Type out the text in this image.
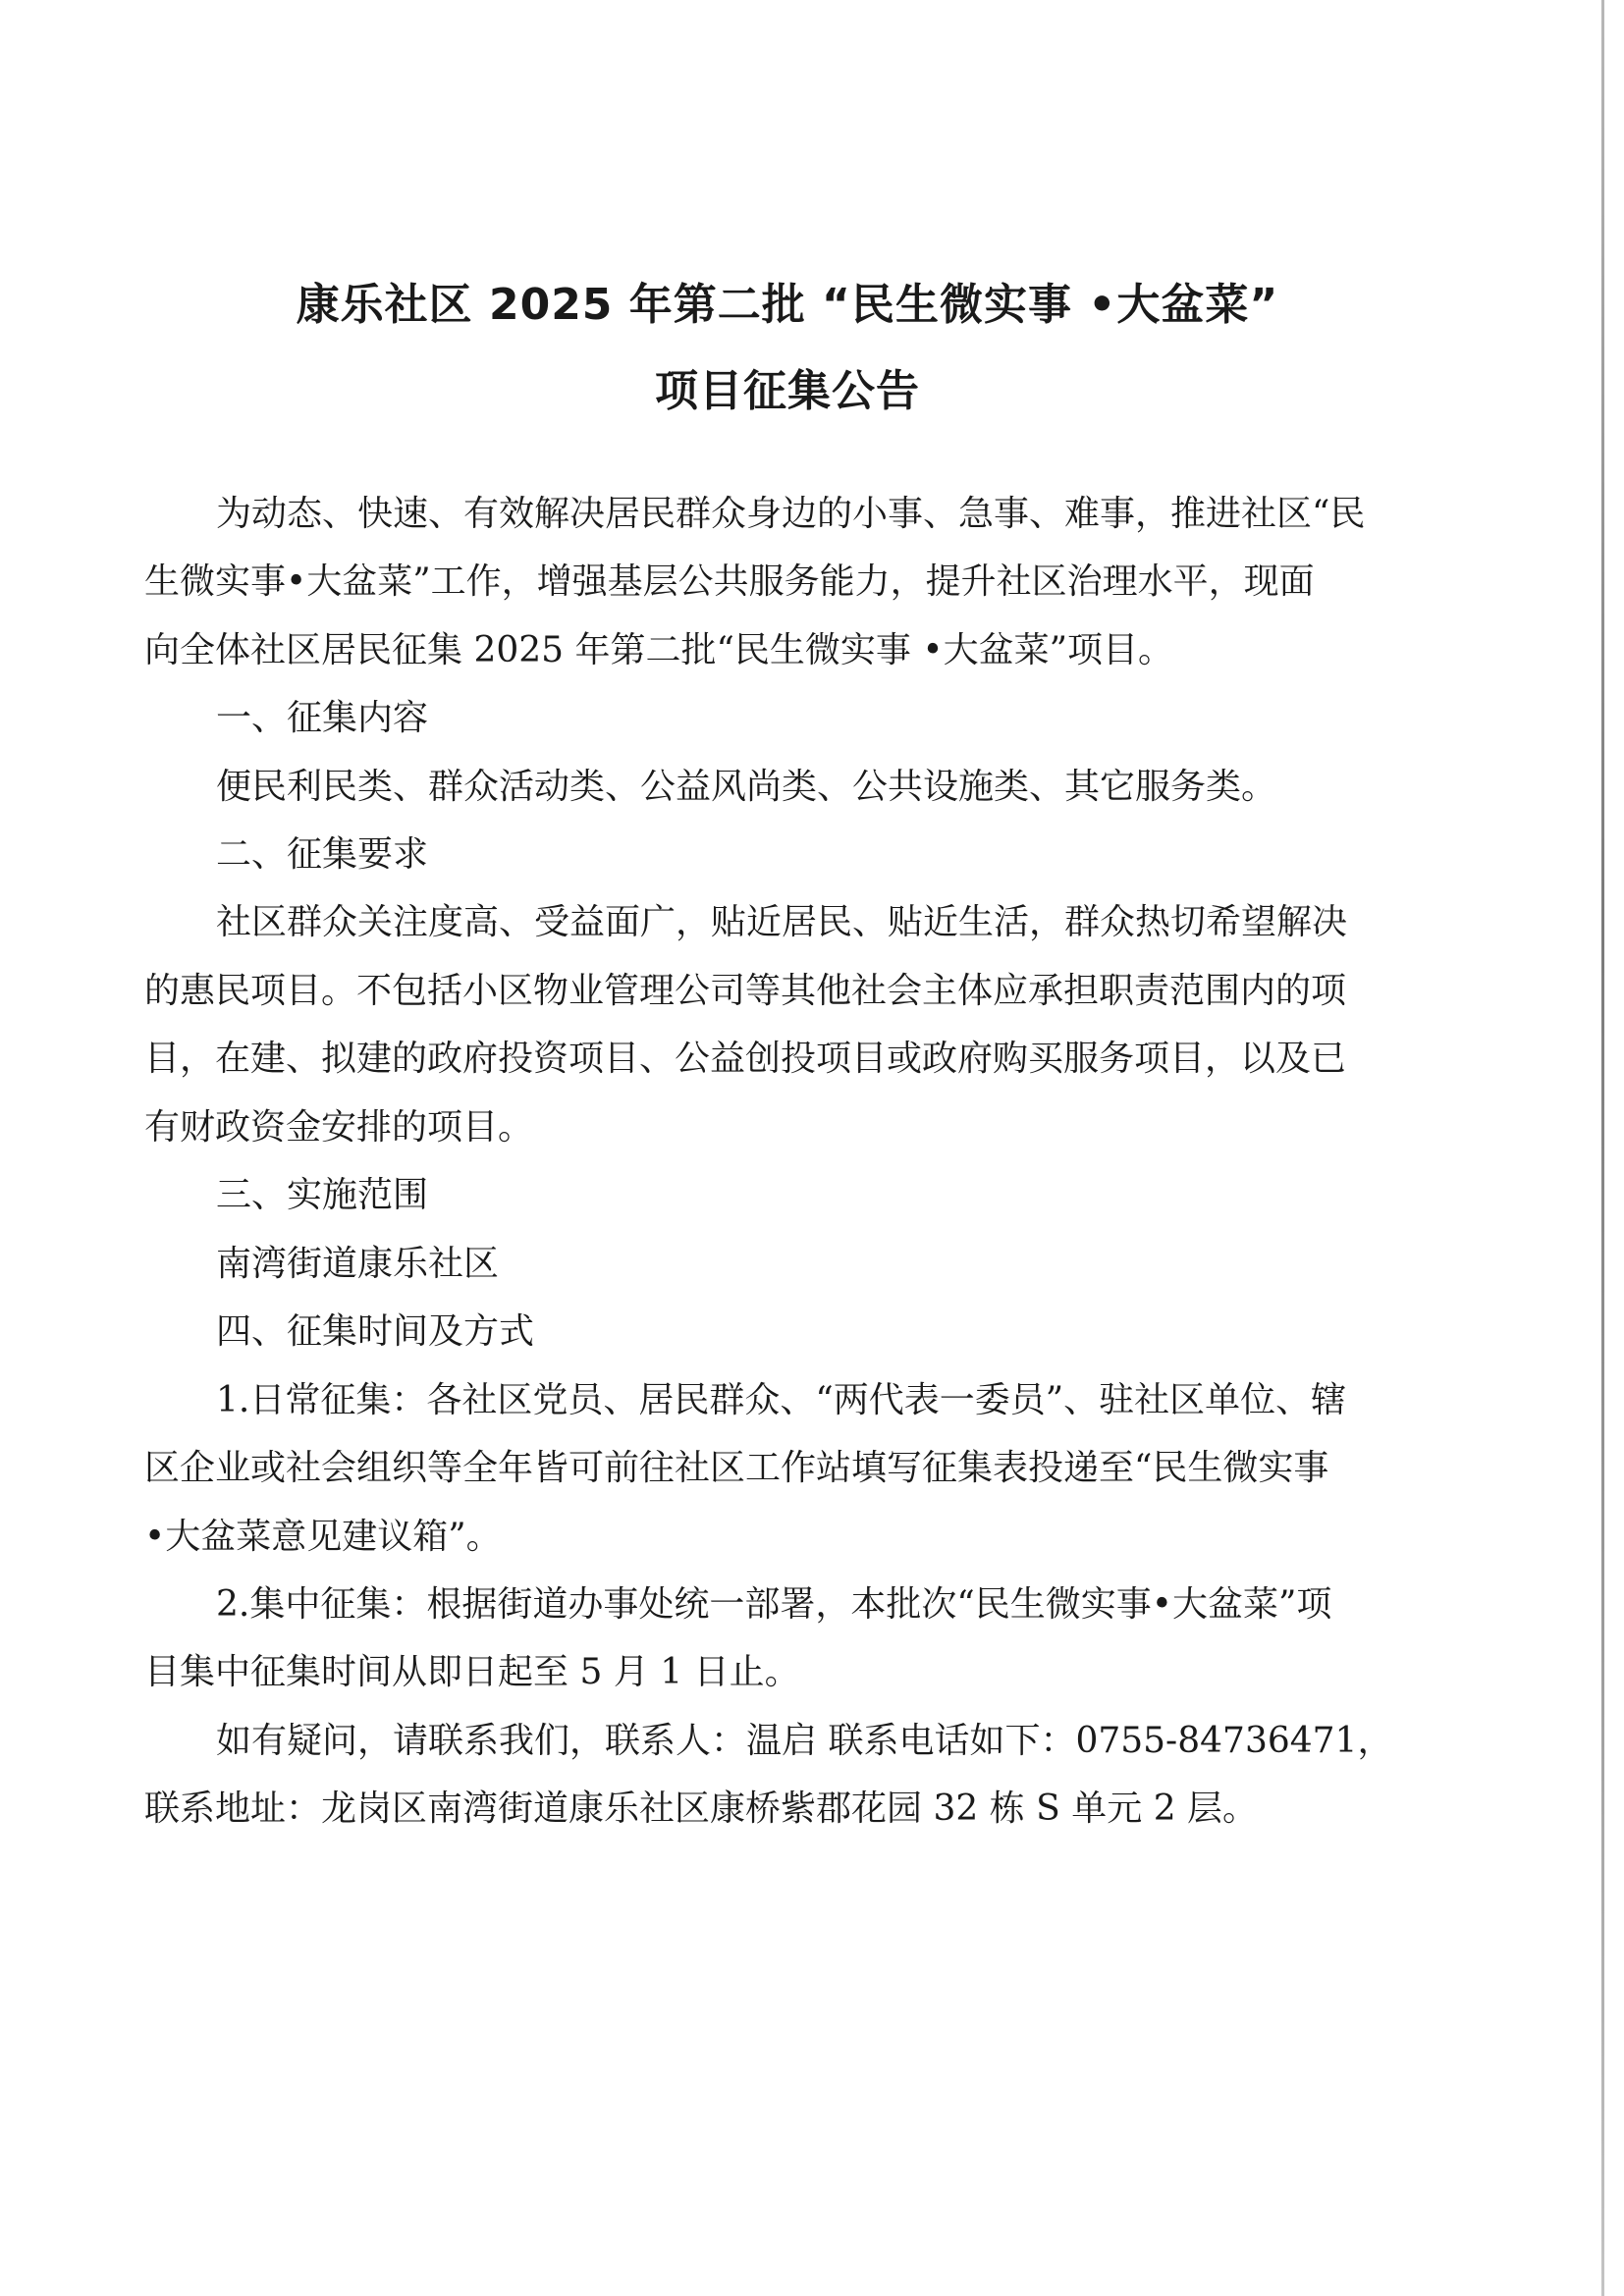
康乐社区 2025 年第二批 “民生微实事 •大盆菜”
项目征集公告

为动态、快速、有效解决居民群众身边的小事、急事、难事，推进社区“民

生微实事•大盆菜”工作，增强基层公共服务能力，提升社区治理水平，现面

向全体社区居民征集 2025 年第二批“民生微实事 •大盆菜”项目。

一、征集内容

便民利民类、群众活动类、公益风尚类、公共设施类、其它服务类。

二、征集要求

社区群众关注度高、受益面广，贴近居民、贴近生活，群众热切希望解决

的惠民项目。不包括小区物业管理公司等其他社会主体应承担职责范围内的项

目，在建、拟建的政府投资项目、公益创投项目或政府购买服务项目，以及已

有财政资金安排的项目。

三、实施范围

南湾街道康乐社区

四、征集时间及方式

1.日常征集：各社区党员、居民群众、“两代表一委员”、驻社区单位、辖

区企业或社会组织等全年皆可前往社区工作站填写征集表投递至“民生微实事

•大盆菜意见建议箱”。

2.集中征集：根据街道办事处统一部署，本批次“民生微实事•大盆菜”项

目集中征集时间从即日起至 5 月 1 日止。

如有疑问，请联系我们，联系人：温启 联系电话如下：0755-84736471，

联系地址：龙岗区南湾街道康乐社区康桥紫郡花园 32 栋 S 单元 2 层。
